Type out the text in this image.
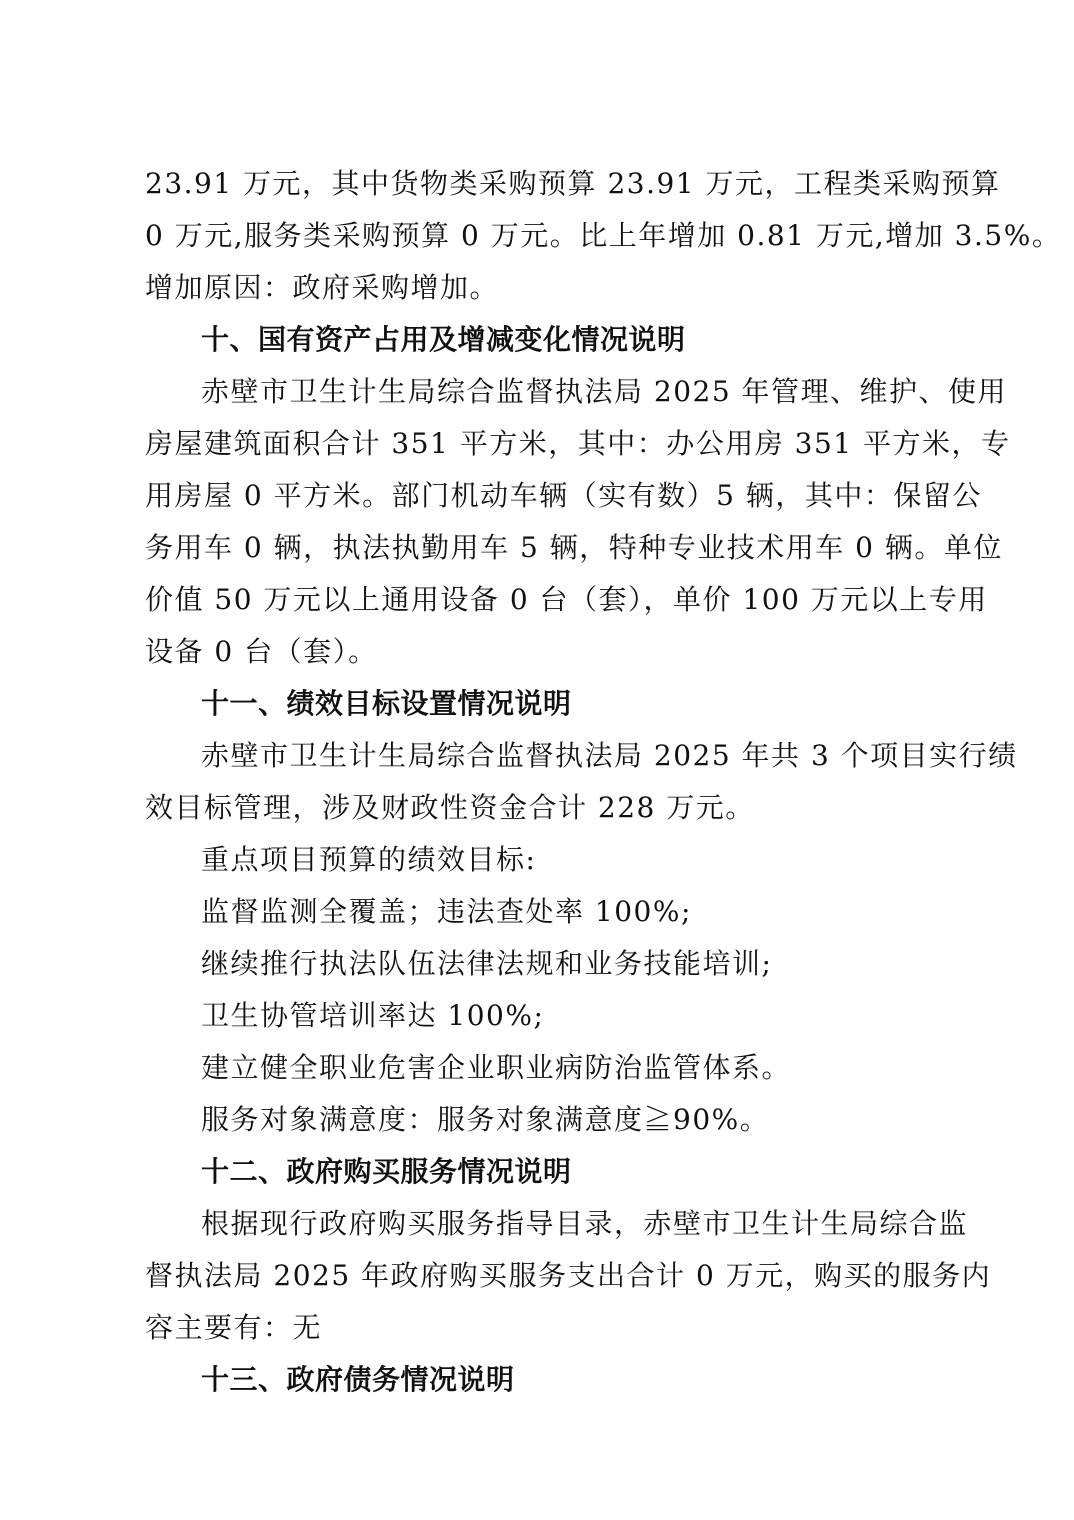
23.91 万元，其中货物类采购预算 23.91 万元，工程类采购预算
0 万元,服务类采购预算 0 万元。比上年增加 0.81 万元,增加 3.5%。
增加原因：政府采购增加。
十、国有资产占用及增减变化情况说明
赤壁市卫生计生局综合监督执法局 2025 年管理、维护、使用
房屋建筑面积合计 351 平方米，其中：办公用房 351 平方米，专
用房屋 0 平方米。部门机动车辆（实有数）5 辆，其中：保留公
务用车 0 辆，执法执勤用车 5 辆，特种专业技术用车 0 辆。单位
价值 50 万元以上通用设备 0 台（套），单价 100 万元以上专用
设备 0 台（套）。
十一、绩效目标设置情况说明
赤壁市卫生计生局综合监督执法局 2025 年共 3 个项目实行绩
效目标管理，涉及财政性资金合计 228 万元。
重点项目预算的绩效目标:
监督监测全覆盖；违法查处率 100%;
继续推行执法队伍法律法规和业务技能培训;
卫生协管培训率达 100%;
建立健全职业危害企业职业病防治监管体系。
服务对象满意度：服务对象满意度≧90%。
十二、政府购买服务情况说明
根据现行政府购买服务指导目录，赤壁市卫生计生局综合监
督执法局 2025 年政府购买服务支出合计 0 万元，购买的服务内
容主要有：无
十三、政府债务情况说明
